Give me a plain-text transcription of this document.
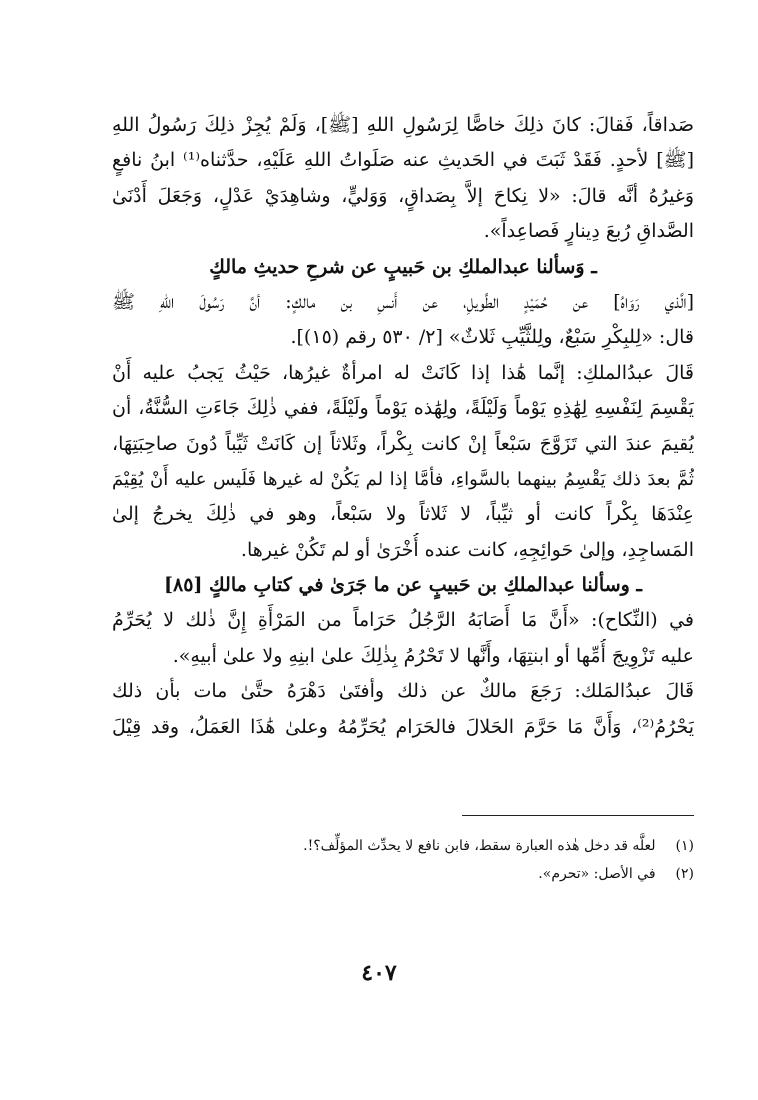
صَداقاً، فَقالَ: كانَ ذلِكَ خاصًّا لِرَسُولِ اللهِ [ﷺ]، وَلَمْ يُجِزْ ذلِكَ رَسُولُ اللهِ
[ﷺ] لأحدٍ. فَقَدْ ثَبَتَ في الحَديثِ عنه صَلَواتُ اللهِ عَلَيْهِ، حدَّثناه⁽¹⁾ ابنُ نافعٍ
وَغيرُهُ أنَّه قالَ: «لا نِكاحَ إلاَّ بِصَداقٍ، وَوَليٍّ، وشاهِدَيْ عَدْلٍ، وَجَعَلَ أَدْنَىٰ
الصَّداقِ رُبعَ دِينارٍ فَصاعِداً».
ـ وَسألنا عبدالملكِ بن حَبيبٍ عن شرحِ حديثِ مالكٍ
[الَّذي رَوَاهُ] عن حُمَيْدٍ الطَّويلِ، عن أَنسِ بن مالكٍ: أنَّ رَسُولَ اللهِ ﷺ
قال: «لِلبِكْرِ سَبْعٌ، ولِلثَّيِّبِ ثَلاثٌ» [٢/ ٥٣٠ رقم (١٥)].
قَالَ عبدُالملكِ: إنَّما هَٰذا إذا كَانَتْ له امرأةٌ غيرُها، حَيْثُ يَجبُ عليه أَنْ
يَقْسِمَ لِنَفْسِهِ لِهَٰذِهِ يَوْماً وَلَيْلَةً، ولِهَٰذه يَوْماً ولَيْلَةً، ففي ذٰلِكَ جَاءَتِ السُّنَّةُ، أن
يُقيمَ عندَ التي تَزَوَّجَ سَبْعاً إنْ كانت بِكْراً، وثَلاثاً إن كَانَتْ ثَيِّباً دُونَ صاحِبَتِهَا،
ثُمَّ بعدَ ذلك يَقْسِمُ بينهما بالسَّواءِ، فأمَّا إذا لم يَكُنْ له غيرها فَلَيس عليه أَنْ يُقِيْمَ
عِنْدَهَا بِكْراً كانت أو ثيِّباً، لا ثَلاثاً ولا سَبْعاً، وهو في ذٰلِكَ يخرجُ إلىٰ
المَساجِدِ، وإلىٰ حَوائِجِهِ، كانت عنده أُخْرَىٰ أو لم تَكُنْ غيرها.
ـ وسألنا عبدالملكِ بن حَبيبٍ عن ما جَرَىٰ في كتابِ مالكٍ [٨٥]
في (النِّكاح): «أَنَّ مَا أَصَابَهُ الرَّجُلُ حَرَاماً من المَرْأَةِ إِنَّ ذٰلك لا يُحَرِّمُ
عليه تَزْوِيجَ أُمِّها أو ابنتِهَا، وأَنَّها لا تَحْرُمُ بِذٰلِكَ علىٰ ابنِهِ ولا علىٰ أبيهِ».
قَالَ عبدُالمَلك: رَجَعَ مالكٌ عن ذلك وأفتَىٰ دَهْرَهُ حتَّىٰ مات بأن ذلك
يَحْرُمُ⁽²⁾، وَأَنَّ مَا حَرَّمَ الحَلالَ فالحَرَام يُحَرِّمُهُ وعلىٰ هَٰذَا العَمَلُ، وقد قِيْلَ
(١) لعلَّه قد دخل هٰذه العبارة سقط، فابن نافع لا يحدِّث المؤلِّف؟!.
(٢) في الأصل: «تحرم».
٤٠٧
